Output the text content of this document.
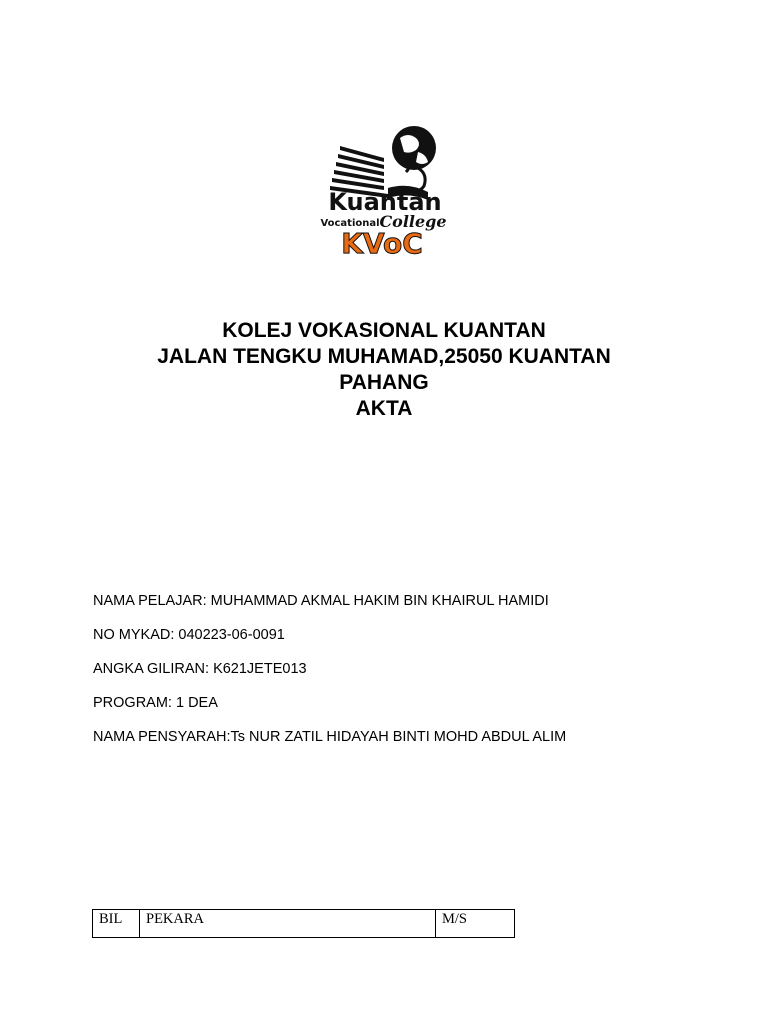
Kuantan
Vocational College
KVoC
KOLEJ VOKASIONAL KUANTAN
JALAN TENGKU MUHAMAD,25050 KUANTAN
PAHANG
AKTA

NAMA PELAJAR: MUHAMMAD AKMAL HAKIM BIN KHAIRUL HAMIDI

NO MYKAD: 040223-06-0091

ANGKA GILIRAN: K621JETE013

PROGRAM: 1 DEA

NAMA PENSYARAH:Ts NUR ZATIL HIDAYAH BINTI MOHD ABDUL ALIM

BIL	PEKARA	M/S
